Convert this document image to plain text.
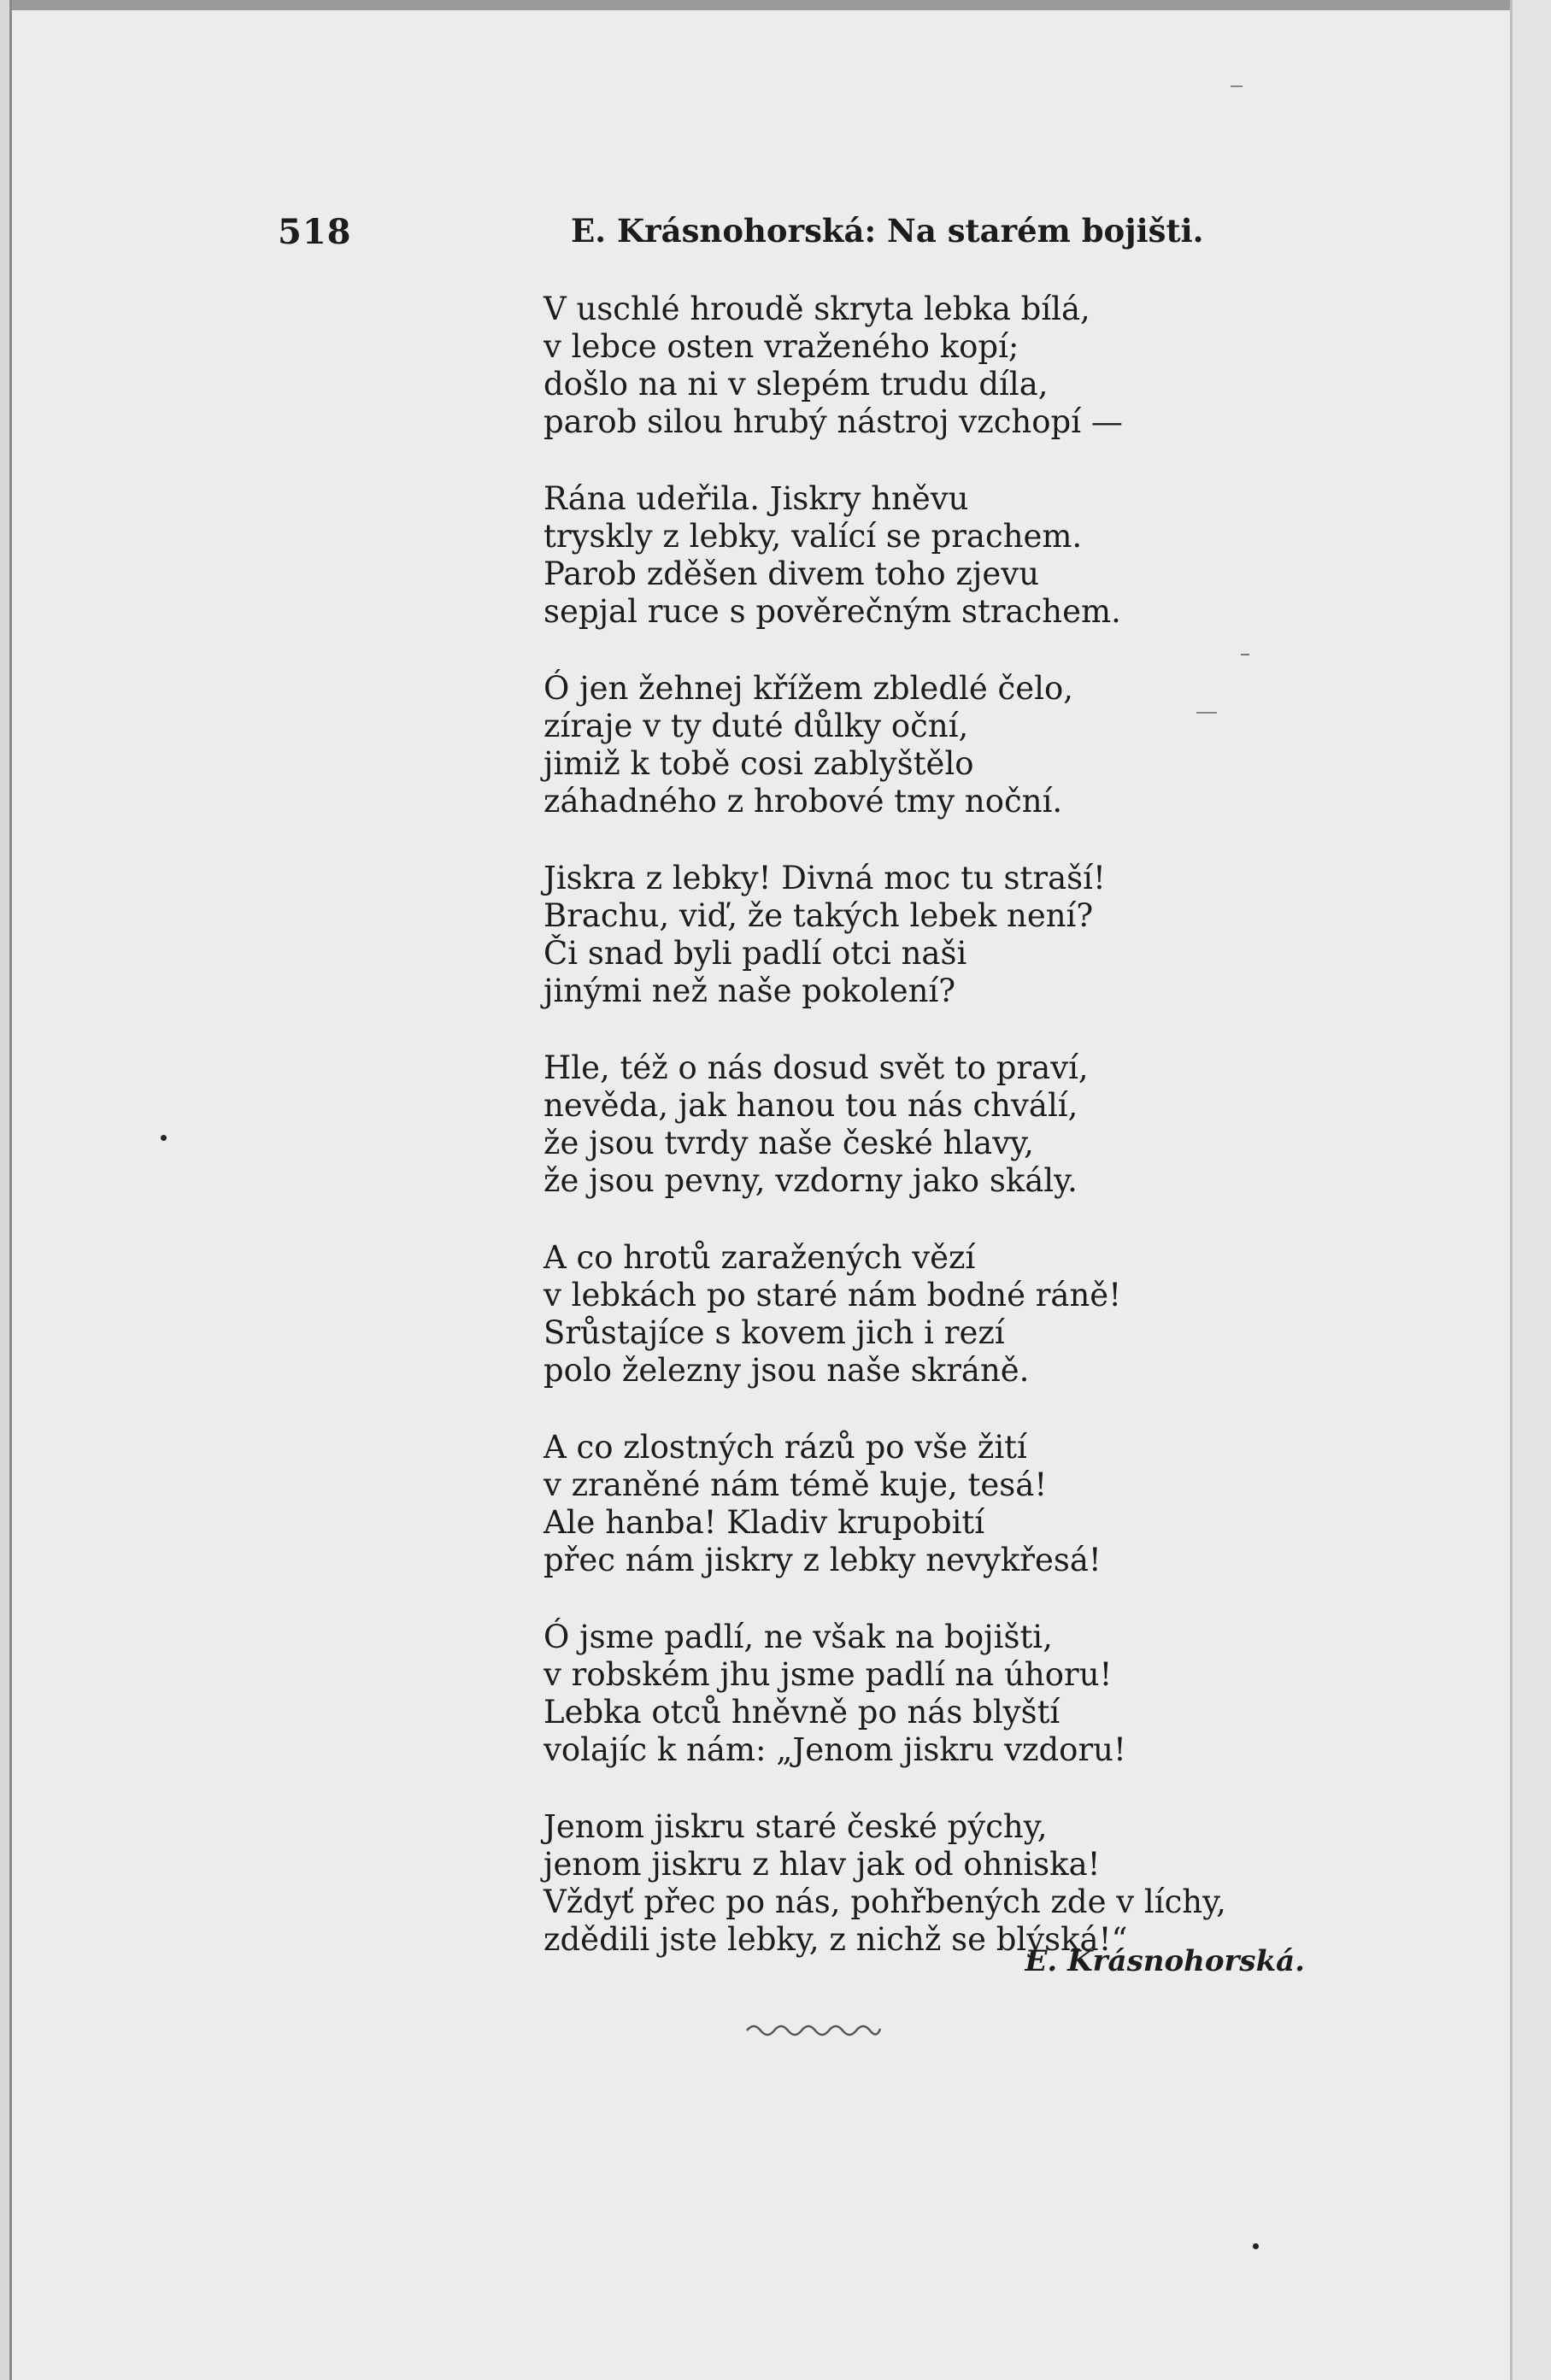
518	E. Krásnohorská: Na starém bojišti.
V uschlé hroudě skryta lebka bílá,
v lebce osten vraženého kopí;
došlo na ni v slepém trudu díla,
parob silou hrubý nástroj vzchopí —
Rána udeřila. Jiskry hněvu
tryskly z lebky, valící se prachem.
Parob zděšen divem toho zjevu
sepjal ruce s pověrečným strachem.
Ó jen žehnej křížem zbledlé čelo,
zíraje v ty duté důlky oční,
jimiž k tobě cosi zablyštělo
záhadného z hrobové tmy noční.
Jiskra z lebky! Divná moc tu straší!
Brachu, viď, že takých lebek není?
Či snad byli padlí otci naši
jinými než naše pokolení?
Hle, též o nás dosud svět to praví,
nevěda, jak hanou tou nás chválí,
že jsou tvrdy naše české hlavy,
že jsou pevny, vzdorny jako skály.
A co hrotů zaražených vězí
v lebkách po staré nám bodné ráně!
Srůstajíce s kovem jich i rezí
polo železny jsou naše skráně.
A co zlostných rázů po vše žití
v zraněné nám témě kuje, tesá!
Ale hanba! Kladiv krupobití
přec nám jiskry z lebky nevykřesá!
Ó jsme padlí, ne však na bojišti,
v robském jhu jsme padlí na úhoru!
Lebka otců hněvně po nás blyští
volajíc k nám: „Jenom jiskru vzdoru!
Jenom jiskru staré české pýchy,
jenom jiskru z hlav jak od ohniska!
Vždyť přec po nás, pohřbených zde v líchy,
zdědili jste lebky, z nichž se blýská!“
E. Krásnohorská.
